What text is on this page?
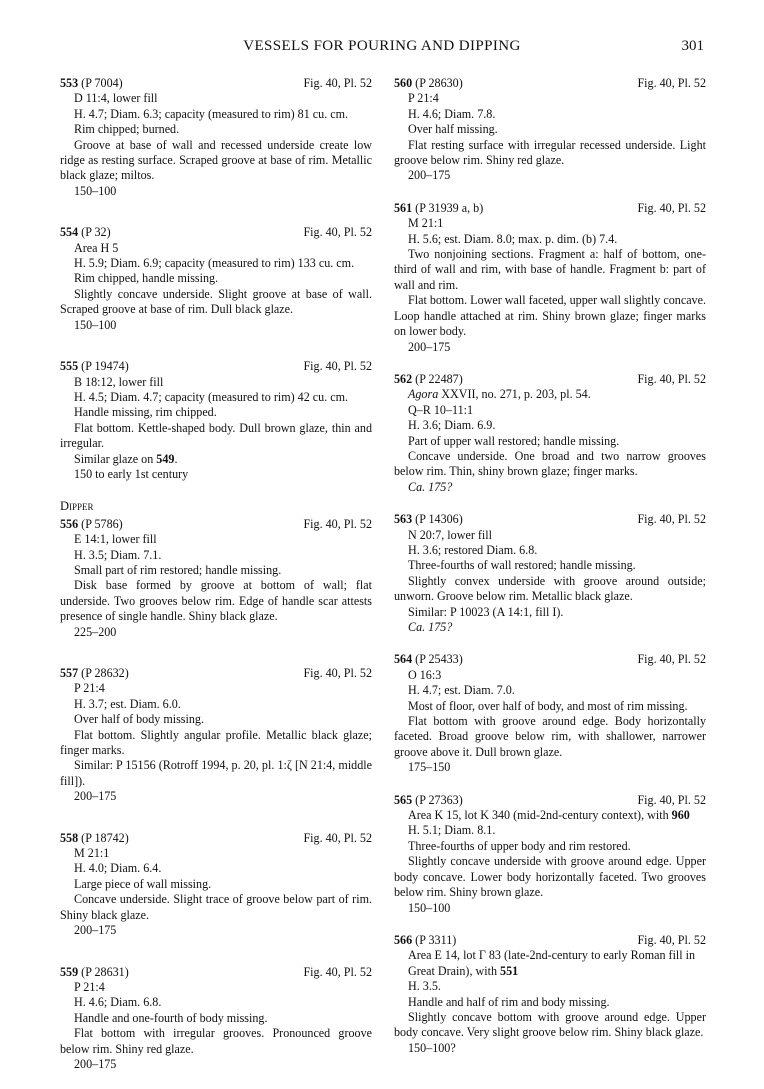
VESSELS FOR POURING AND DIPPING	301
553 (P 7004)	Fig. 40, Pl. 52
D 11:4, lower fill
H. 4.7; Diam. 6.3; capacity (measured to rim) 81 cu. cm.
Rim chipped; burned.
Groove at base of wall and recessed underside create low ridge as resting surface. Scraped groove at base of rim. Metallic black glaze; miltos.
150–100
554 (P 32)	Fig. 40, Pl. 52
Area H 5
H. 5.9; Diam. 6.9; capacity (measured to rim) 133 cu. cm.
Rim chipped, handle missing.
Slightly concave underside. Slight groove at base of wall. Scraped groove at base of rim. Dull black glaze.
150–100
555 (P 19474)	Fig. 40, Pl. 52
B 18:12, lower fill
H. 4.5; Diam. 4.7; capacity (measured to rim) 42 cu. cm.
Handle missing, rim chipped.
Flat bottom. Kettle-shaped body. Dull brown glaze, thin and irregular.
Similar glaze on 549.
150 to early 1st century
Dipper
556 (P 5786)	Fig. 40, Pl. 52
E 14:1, lower fill
H. 3.5; Diam. 7.1.
Small part of rim restored; handle missing.
Disk base formed by groove at bottom of wall; flat underside. Two grooves below rim. Edge of handle scar attests presence of single handle. Shiny black glaze.
225–200
557 (P 28632)	Fig. 40, Pl. 52
P 21:4
H. 3.7; est. Diam. 6.0.
Over half of body missing.
Flat bottom. Slightly angular profile. Metallic black glaze; finger marks.
Similar: P 15156 (Rotroff 1994, p. 20, pl. 1:ζ [N 21:4, middle fill]).
200–175
558 (P 18742)	Fig. 40, Pl. 52
M 21:1
H. 4.0; Diam. 6.4.
Large piece of wall missing.
Concave underside. Slight trace of groove below part of rim. Shiny black glaze.
200–175
559 (P 28631)	Fig. 40, Pl. 52
P 21:4
H. 4.6; Diam. 6.8.
Handle and one-fourth of body missing.
Flat bottom with irregular grooves. Pronounced groove below rim. Shiny red glaze.
200–175
560 (P 28630)	Fig. 40, Pl. 52
P 21:4
H. 4.6; Diam. 7.8.
Over half missing.
Flat resting surface with irregular recessed underside. Light groove below rim. Shiny red glaze.
200–175
561 (P 31939 a, b)	Fig. 40, Pl. 52
M 21:1
H. 5.6; est. Diam. 8.0; max. p. dim. (b) 7.4.
Two nonjoining sections. Fragment a: half of bottom, one-third of wall and rim, with base of handle. Fragment b: part of wall and rim.
Flat bottom. Lower wall faceted, upper wall slightly concave. Loop handle attached at rim. Shiny brown glaze; finger marks on lower body.
200–175
562 (P 22487)	Fig. 40, Pl. 52
Agora XXVII, no. 271, p. 203, pl. 54.
Q–R 10–11:1
H. 3.6; Diam. 6.9.
Part of upper wall restored; handle missing.
Concave underside. One broad and two narrow grooves below rim. Thin, shiny brown glaze; finger marks.
Ca. 175?
563 (P 14306)	Fig. 40, Pl. 52
N 20:7, lower fill
H. 3.6; restored Diam. 6.8.
Three-fourths of wall restored; handle missing.
Slightly convex underside with groove around outside; unworn. Groove below rim. Metallic black glaze.
Similar: P 10023 (A 14:1, fill I).
Ca. 175?
564 (P 25433)	Fig. 40, Pl. 52
O 16:3
H. 4.7; est. Diam. 7.0.
Most of floor, over half of body, and most of rim missing.
Flat bottom with groove around edge. Body horizontally faceted. Broad groove below rim, with shallower, narrower groove above it. Dull brown glaze.
175–150
565 (P 27363)	Fig. 40, Pl. 52
Area K 15, lot K 340 (mid-2nd-century context), with 960
H. 5.1; Diam. 8.1.
Three-fourths of upper body and rim restored.
Slightly concave underside with groove around edge. Upper body concave. Lower body horizontally faceted. Two grooves below rim. Shiny brown glaze.
150–100
566 (P 3311)	Fig. 40, Pl. 52
Area E 14, lot Γ 83 (late-2nd-century to early Roman fill in Great Drain), with 551
H. 3.5.
Handle and half of rim and body missing.
Slightly concave bottom with groove around edge. Upper body concave. Very slight groove below rim. Shiny black glaze.
150–100?
